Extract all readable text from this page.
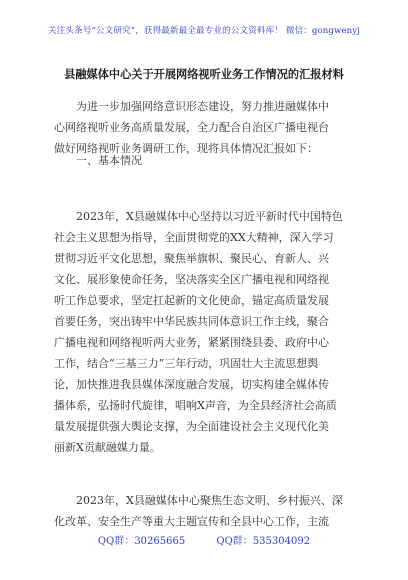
关注头条号“公文研究”，获得最新最全最专业的公文资料库！ 微信：gongwenyj
县融媒体中心关于开展网络视听业务工作情况的汇报材料
为进一步加强网络意识形态建设，努力推进融媒体中
心网络视听业务高质量发展，全力配合自治区广播电视台
做好网络视听业务调研工作，现将具体情况汇报如下：
一、基本情况
2023年，X县融媒体中心坚持以习近平新时代中国特色
社会主义思想为指导，全面贯彻党的XX大精神，深入学习
贯彻习近平文化思想，聚焦举旗帜、聚民心、育新人、兴
文化、展形象使命任务，坚决落实全区广播电视和网络视
听工作总要求，坚定扛起新的文化使命，锚定高质量发展
首要任务，突出铸牢中华民族共同体意识工作主线，聚合
广播电视和网络视听两大业务，紧紧围绕县委、政府中心
工作，结合“三基三力”三年行动，巩固壮大主流思想舆
论，加快推进我县媒体深度融合发展，切实构建全媒体传
播体系，弘扬时代旋律，唱响X声音，为全县经济社会高质
量发展提供强大舆论支撑，为全面建设社会主义现代化美
丽新X贡献融媒力量。
2023年，X县融媒体中心聚焦生态文明、乡村振兴、深
化改革、安全生产等重大主题宣传和全县中心工作，主流
QQ群：30265665	QQ群：535304092
